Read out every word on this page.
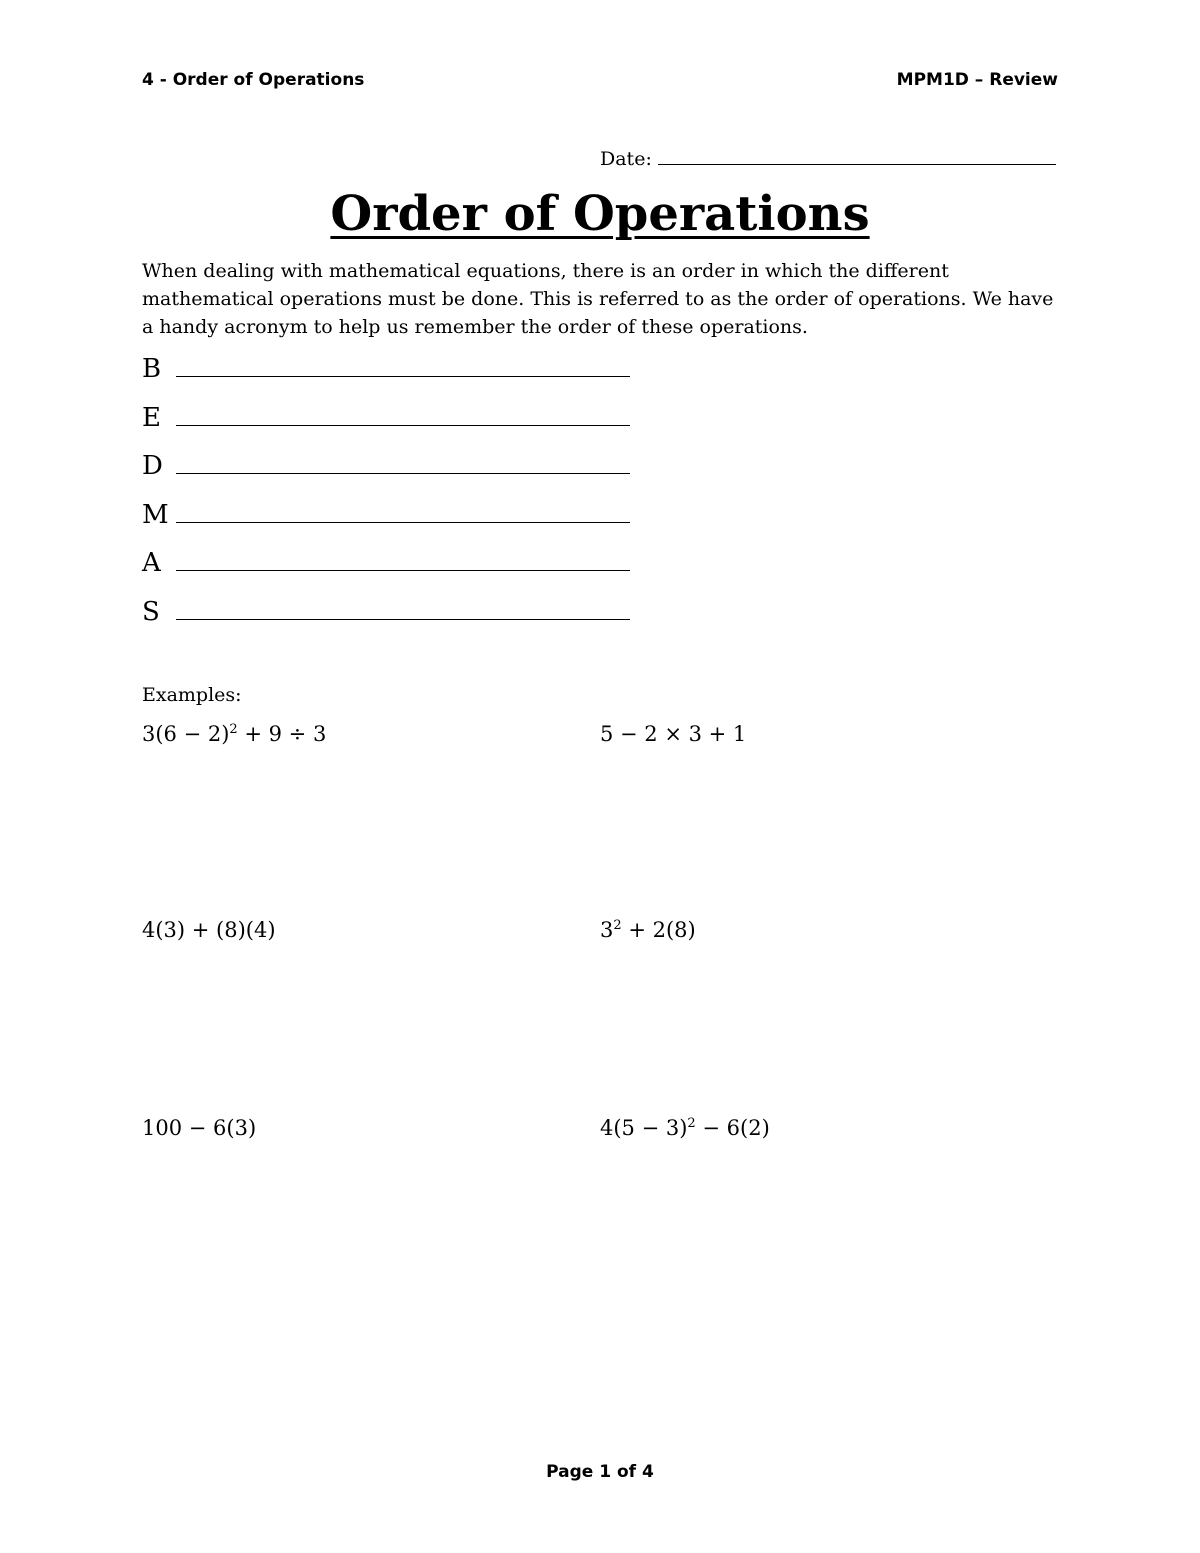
4 - Order of Operations	MPM1D – Review
Date:
Order of Operations
When dealing with mathematical equations, there is an order in which the different mathematical operations must be done. This is referred to as the order of operations. We have a handy acronym to help us remember the order of these operations.
B
E
D
M
A
S
Examples:
$3(6 - 2)^2 + 9 \div 3$	5 − 2 × 3 + 1
4(3) + (8)(4)	$3^2 + 2(8)$
100 − 6(3)	$4(5 - 3)^2 - 6(2)$
Page 1 of 4
